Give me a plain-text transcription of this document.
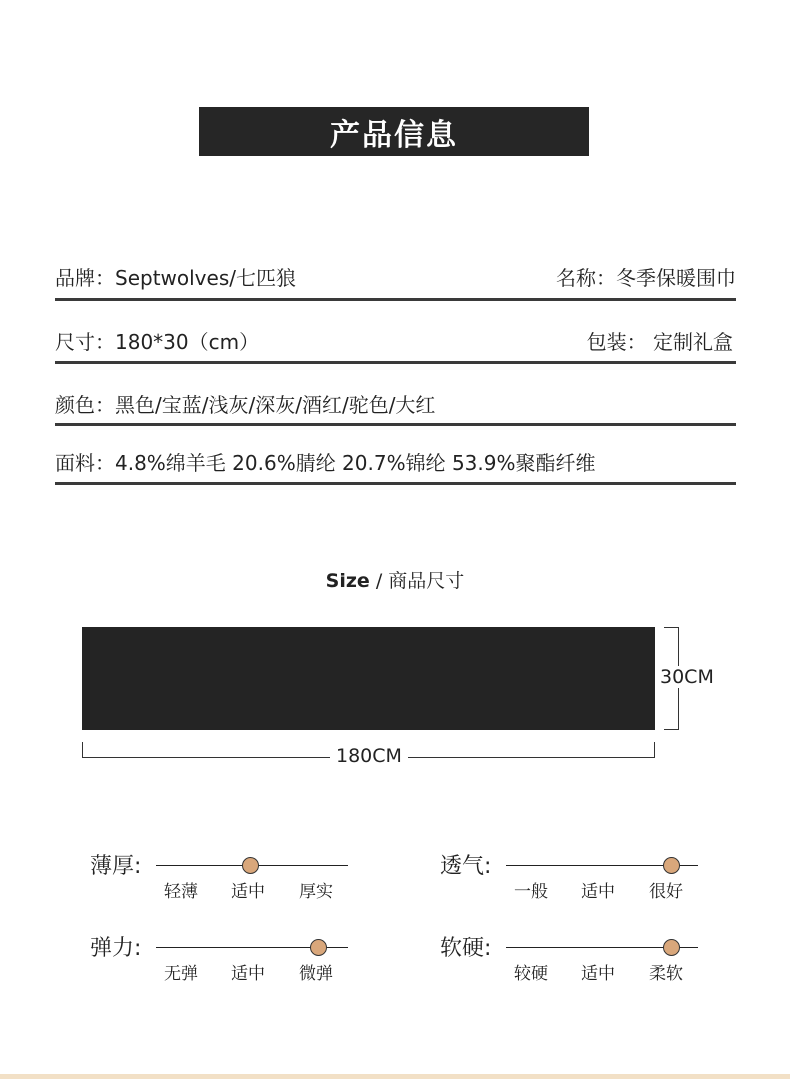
产品信息
品牌：Septwolves/七匹狼	名称：冬季保暖围巾
尺寸：180*30（cm）	包装： 定制礼盒
颜色：黑色/宝蓝/浅灰/深灰/酒红/驼色/大红
面料：4.8%绵羊毛 20.6%腈纶 20.7%锦纶 53.9%聚酯纤维
Size / 商品尺寸
30CM
180CM
薄厚:
轻薄 适中 厚实
透气:
一般 适中 很好
弹力:
无弹 适中 微弹
软硬:
较硬 适中 柔软
